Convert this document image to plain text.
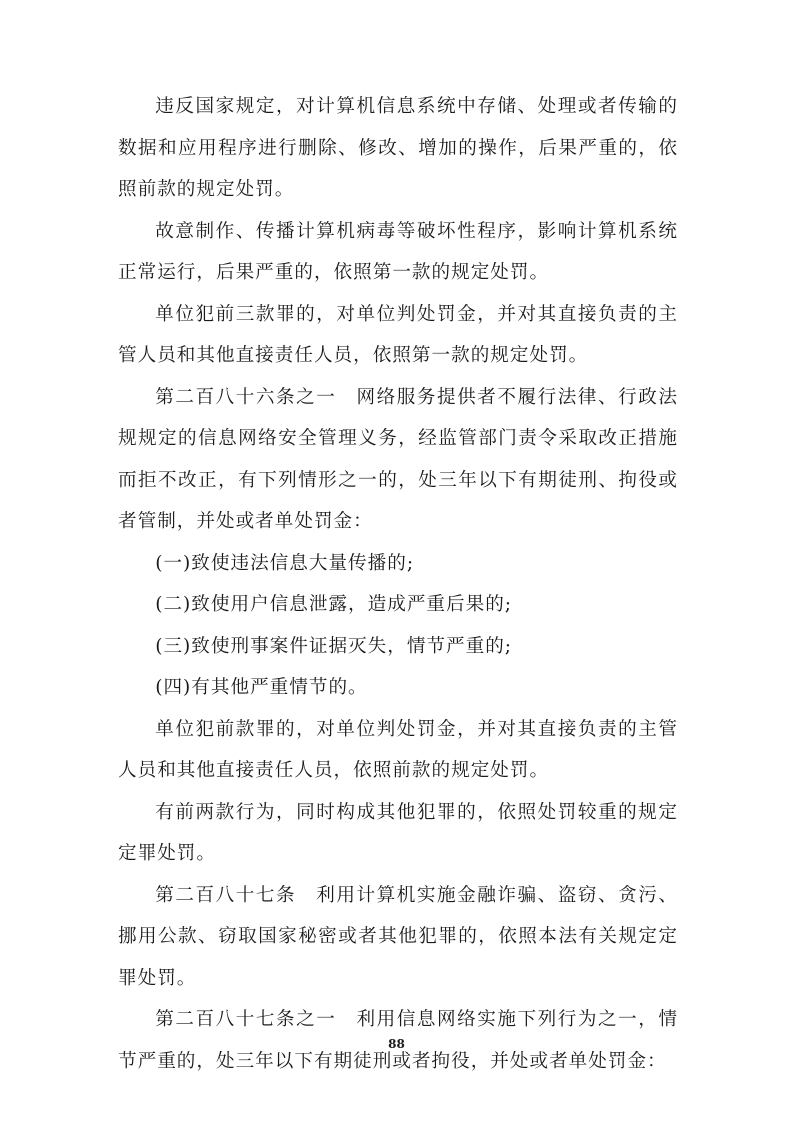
违反国家规定，对计算机信息系统中存储、处理或者传输的数据和应用程序进行删除、修改、增加的操作，后果严重的，依照前款的规定处罚。

故意制作、传播计算机病毒等破坏性程序，影响计算机系统正常运行，后果严重的，依照第一款的规定处罚。

单位犯前三款罪的，对单位判处罚金，并对其直接负责的主管人员和其他直接责任人员，依照第一款的规定处罚。

第二百八十六条之一　网络服务提供者不履行法律、行政法规规定的信息网络安全管理义务，经监管部门责令采取改正措施而拒不改正，有下列情形之一的，处三年以下有期徒刑、拘役或者管制，并处或者单处罚金：

(一)致使违法信息大量传播的;

(二)致使用户信息泄露，造成严重后果的;

(三)致使刑事案件证据灭失，情节严重的;

(四)有其他严重情节的。

单位犯前款罪的，对单位判处罚金，并对其直接负责的主管人员和其他直接责任人员，依照前款的规定处罚。

有前两款行为，同时构成其他犯罪的，依照处罚较重的规定定罪处罚。

第二百八十七条　利用计算机实施金融诈骗、盗窃、贪污、挪用公款、窃取国家秘密或者其他犯罪的，依照本法有关规定定罪处罚。

第二百八十七条之一　利用信息网络实施下列行为之一，情节严重的，处三年以下有期徒刑或者拘役，并处或者单处罚金：

88
